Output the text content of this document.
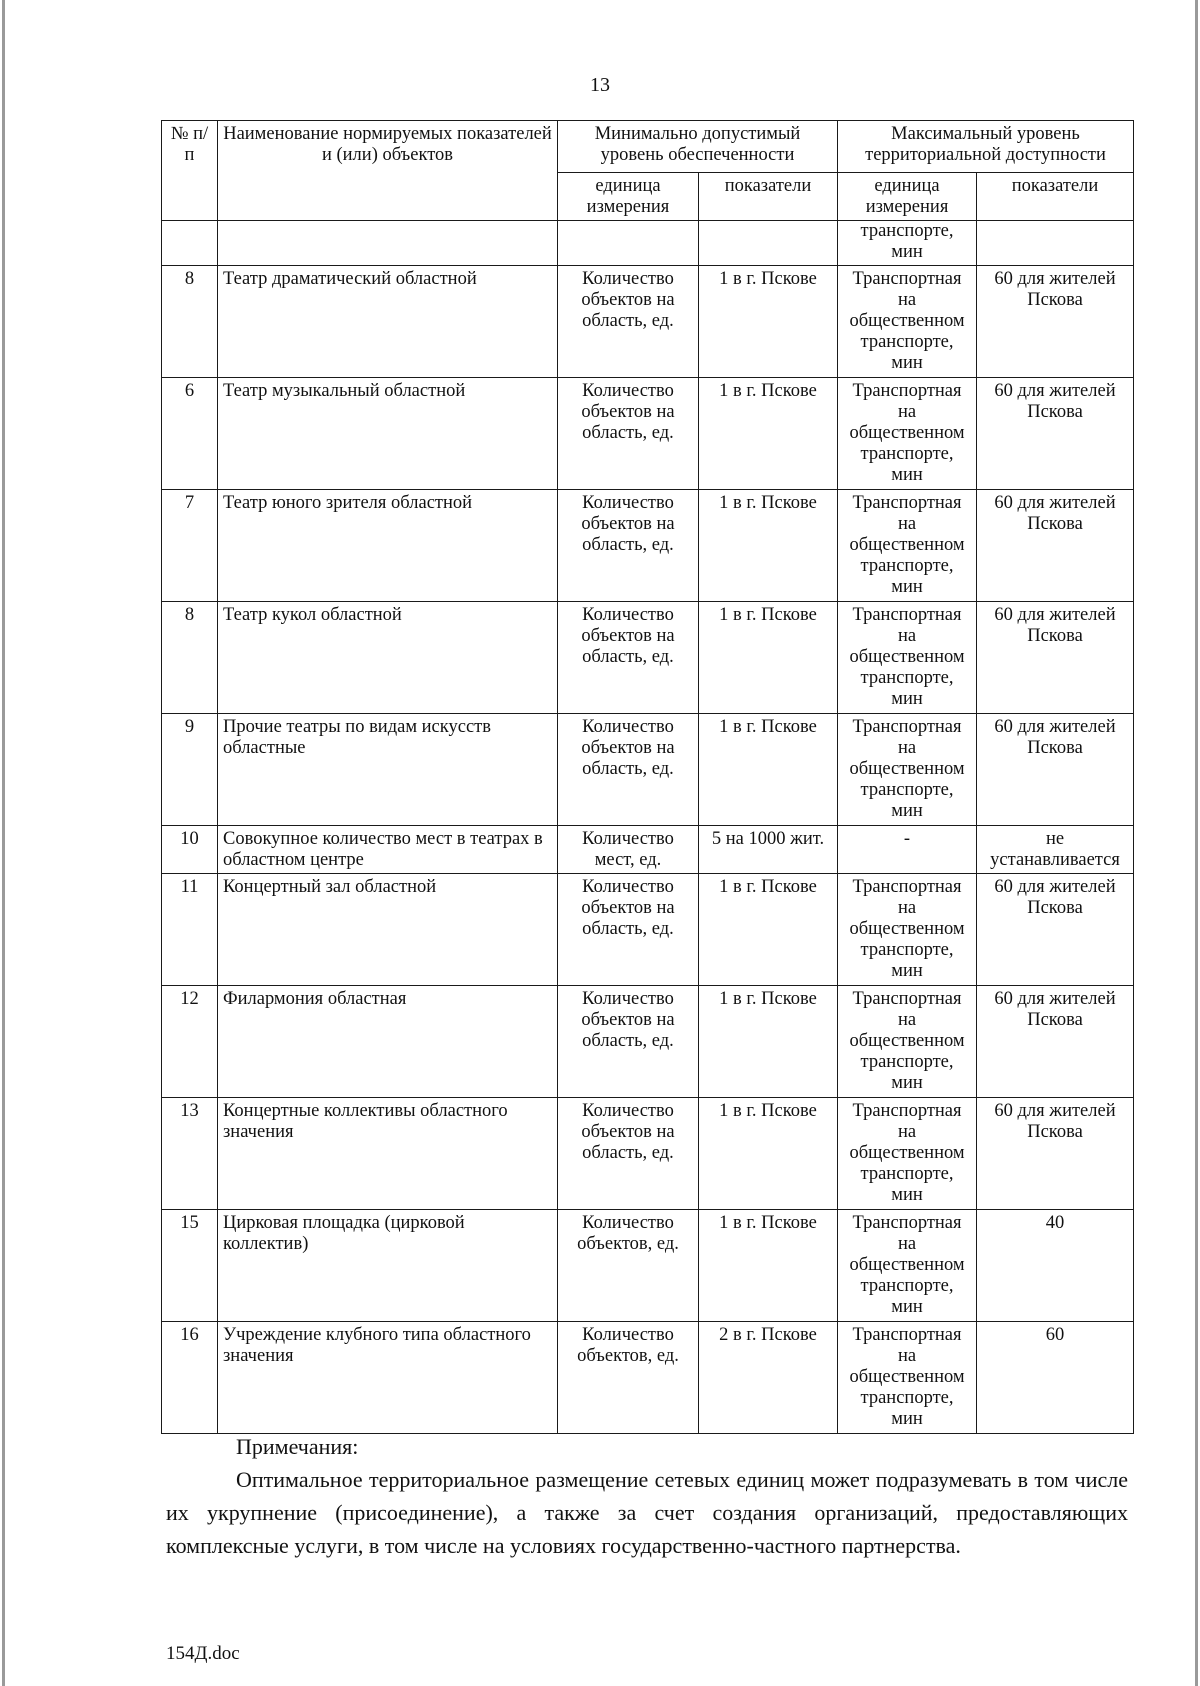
13
№ п/п	Наименование нормируемых показателей и (или) объектов	Минимально допустимый уровень обеспеченности		Максимальный уровень территориальной доступности	
		единица измерения	показатели	единица измерения	показатели
				транспорте, мин	
8	Театр драматический областной	Количество объектов на область, ед.	1 в г. Пскове	Транспортная на общественном транспорте, мин	60 для жителей Пскова
6	Театр музыкальный областной	Количество объектов на область, ед.	1 в г. Пскове	Транспортная на общественном транспорте, мин	60 для жителей Пскова
7	Театр юного зрителя областной	Количество объектов на область, ед.	1 в г. Пскове	Транспортная на общественном транспорте, мин	60 для жителей Пскова
8	Театр кукол областной	Количество объектов на область, ед.	1 в г. Пскове	Транспортная на общественном транспорте, мин	60 для жителей Пскова
9	Прочие театры по видам искусств областные	Количество объектов на область, ед.	1 в г. Пскове	Транспортная на общественном транспорте, мин	60 для жителей Пскова
10	Совокупное количество мест в театрах в областном центре	Количество мест, ед.	5 на 1000 жит.	-	не устанавливается
11	Концертный зал областной	Количество объектов на область, ед.	1 в г. Пскове	Транспортная на общественном транспорте, мин	60 для жителей Пскова
12	Филармония областная	Количество объектов на область, ед.	1 в г. Пскове	Транспортная на общественном транспорте, мин	60 для жителей Пскова
13	Концертные коллективы областного значения	Количество объектов на область, ед.	1 в г. Пскове	Транспортная на общественном транспорте, мин	60 для жителей Пскова
15	Цирковая площадка (цирковой коллектив)	Количество объектов, ед.	1 в г. Пскове	Транспортная на общественном транспорте, мин	40
16	Учреждение клубного типа областного значения	Количество объектов, ед.	2 в г. Пскове	Транспортная на общественном транспорте, мин	60

Примечания:

Оптимальное территориальное размещение сетевых единиц может подразумевать в том числе их укрупнение (присоединение), а также за счет создания организаций, предоставляющих комплексные услуги, в том числе на условиях государственно-частного партнерства.

154Д.doc
